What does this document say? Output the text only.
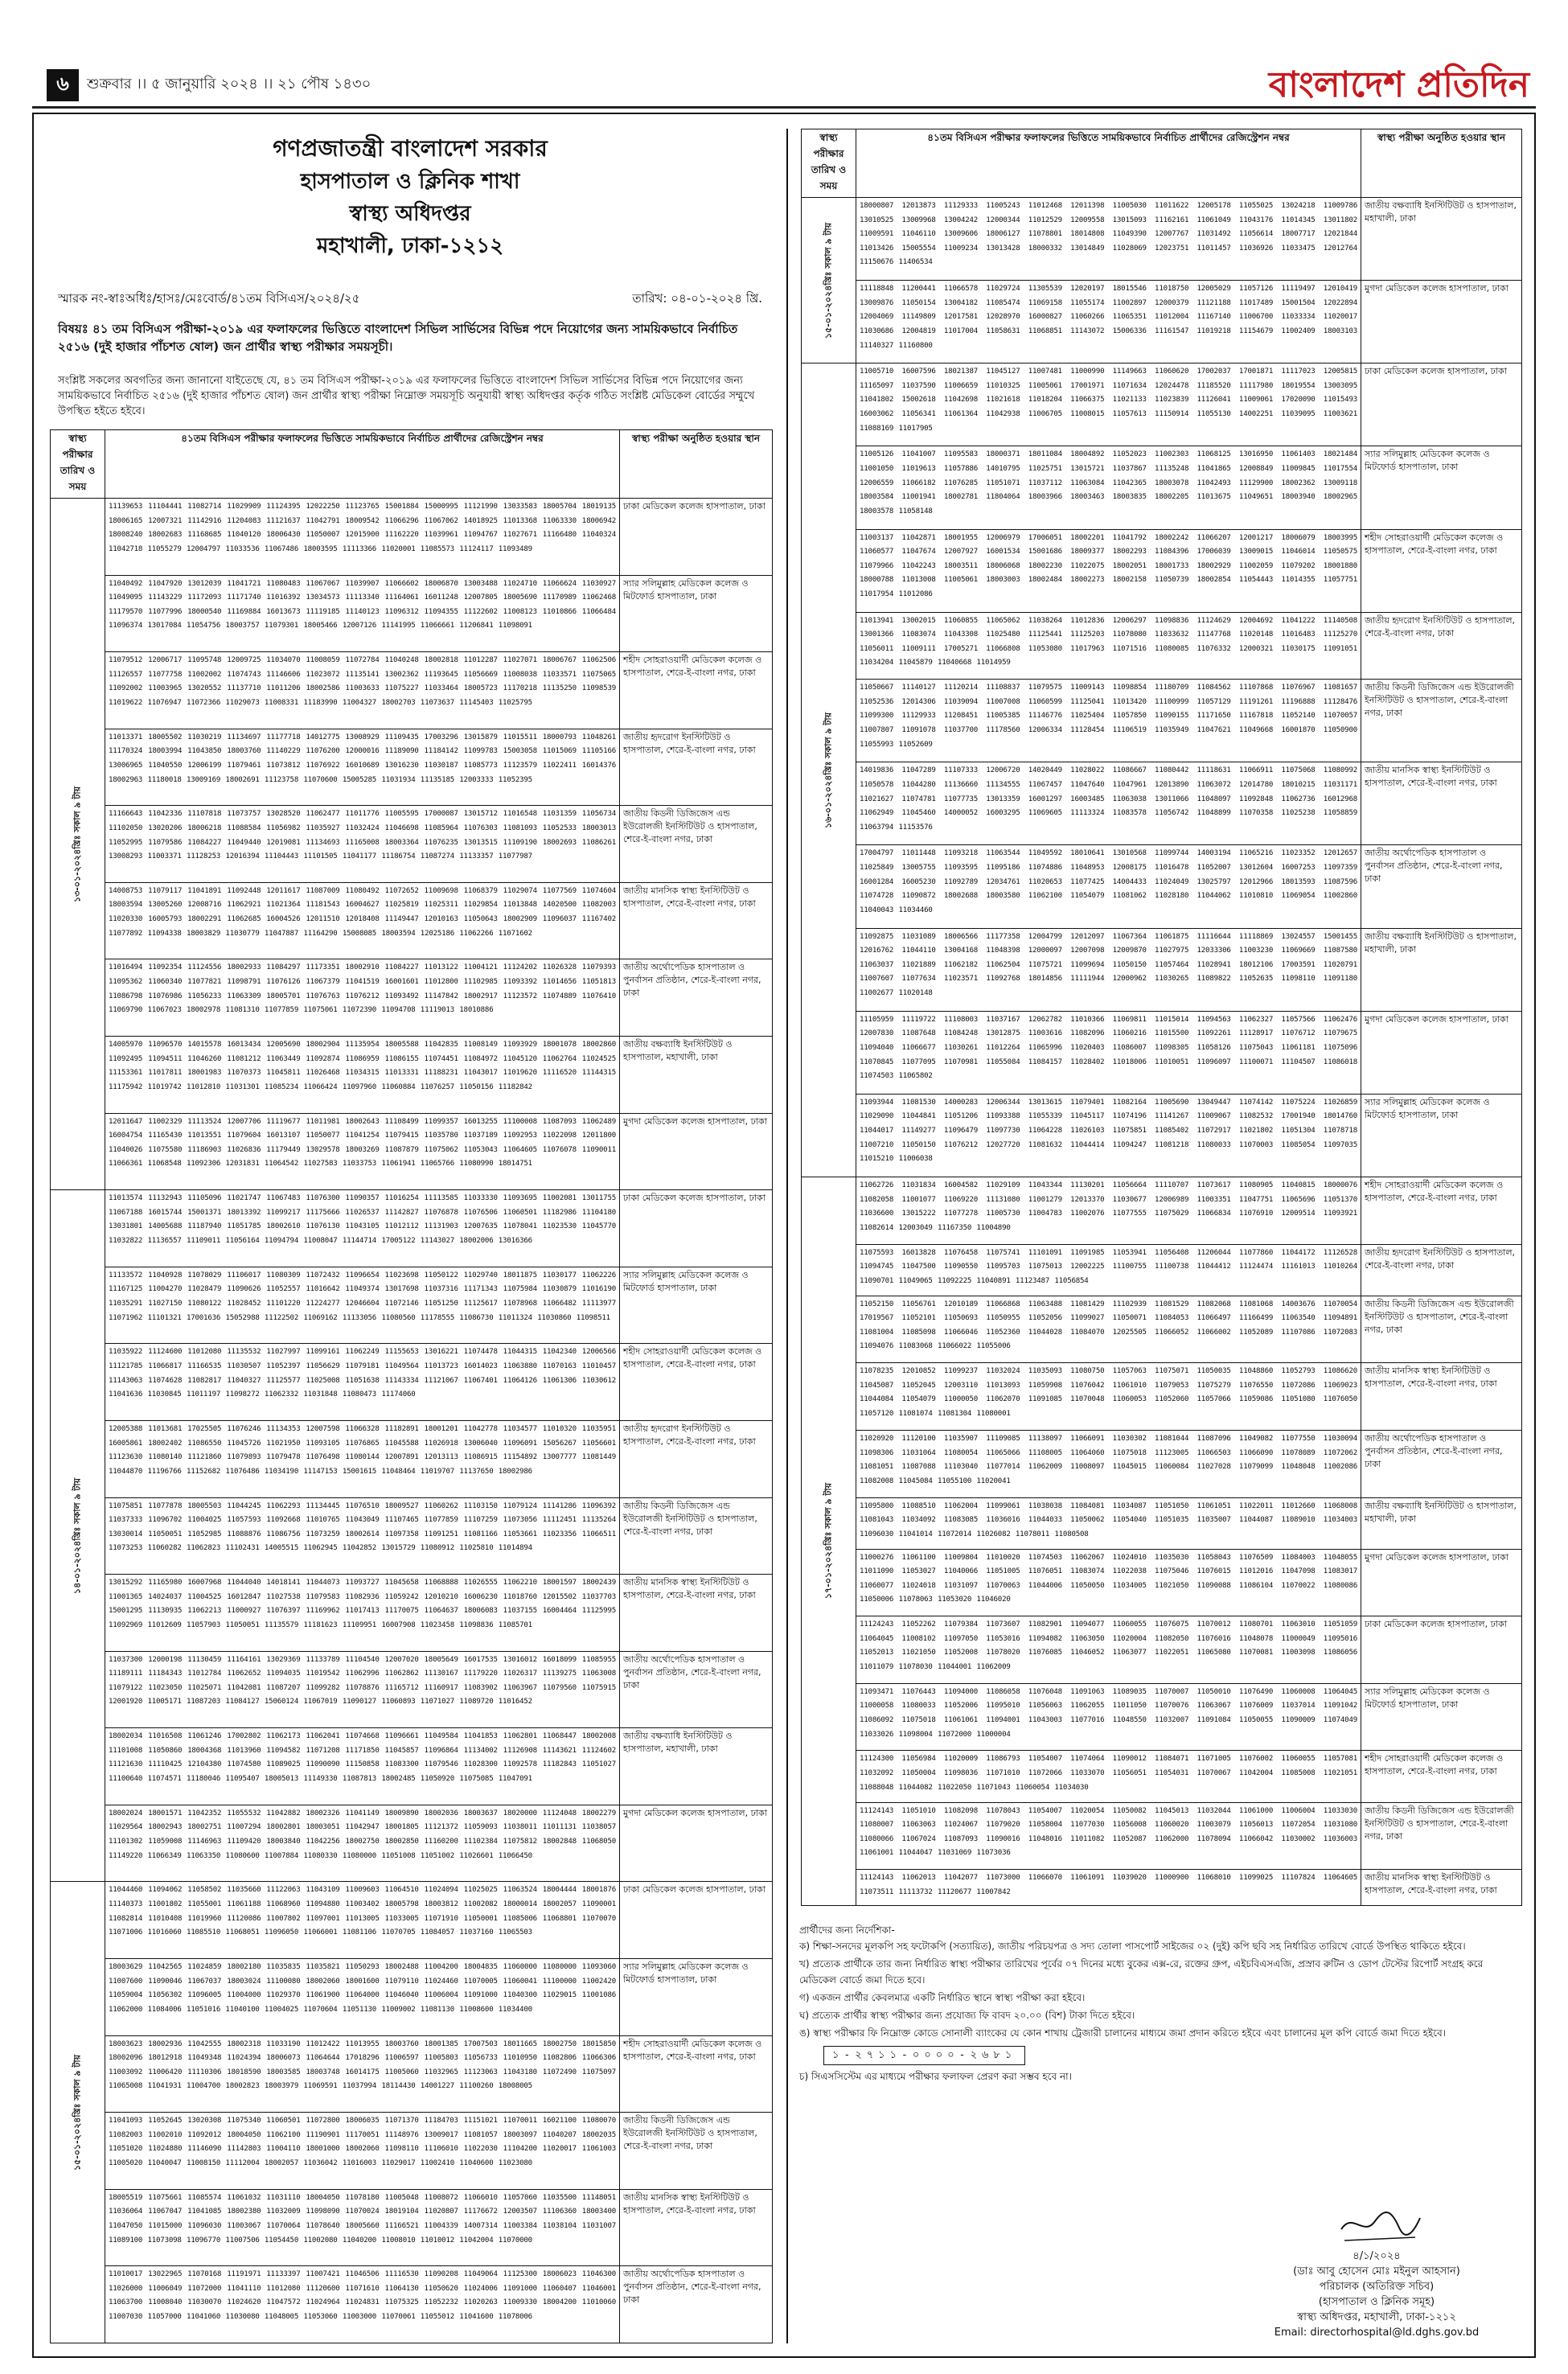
৬	শুক্রবার ।। ৫ জানুয়ারি ২০২৪ ।। ২১ পৌষ ১৪৩০	বাংলাদেশ প্রতিদিন
গণপ্রজাতন্ত্রী বাংলাদেশ সরকার
হাসপাতাল ও ক্লিনিক শাখা
স্বাস্থ্য অধিদপ্তর
মহাখালী, ঢাকা-১২১২
স্মারক নং-স্বাঃঅধিঃ/হাসঃ/মেঃবোর্ড/৪১তম বিসিএস/২০২৪/২৫	তারিখ: ০৪-০১-২০২৪ খ্রি.
বিষয়ঃ ৪১ তম বিসিএস পরীক্ষা-২০১৯ এর ফলাফলের ভিত্তিতে বাংলাদেশ সিভিল সার্ভিসের বিভিন্ন পদে নিয়োগের জন্য সাময়িকভাবে নির্বাচিত ২৫১৬ (দুই হাজার পাঁচশত ষোল) জন প্রার্থীর স্বাস্থ্য পরীক্ষার সময়সূচী।
সংশ্লিষ্ট সকলের অবগতির জন্য জানানো যাইতেছে যে, ৪১ তম বিসিএস পরীক্ষা-২০১৯ এর ফলাফলের ভিত্তিতে বাংলাদেশ সিভিল সার্ভিসের বিভিন্ন পদে নিয়োগের জন্য সাময়িকভাবে নির্বাচিত ২৫১৬ (দুই হাজার পাঁচশত ষোল) জন প্রার্থীর স্বাস্থ্য পরীক্ষা নিম্নোক্ত সময়সূচি অনুযায়ী স্বাস্থ্য অধিদপ্তর কর্তৃক গঠিত সংশ্লিষ্ট মেডিকেল বোর্ডের সম্মুখে উপস্থিত হইতে হইবে।
স্বাস্থ্য পরীক্ষার তারিখ ও সময়	৪১তম বিসিএস পরীক্ষার ফলাফলের ভিত্তিতে সাময়িকভাবে নির্বাচিত প্রার্থীদের রেজিস্ট্রেশন নম্বর	স্বাস্থ্য পরীক্ষা অনুষ্ঠিত হওয়ার স্থান

১৩-০১-২০২৪খ্রিঃ সকাল ৯ টায়	11139653 11104441 11082714 11029909 11124395 12022250 11123765 15001884 15000995 11121990 13033583 18005704 18019135 18006165 12007321 11142916 11204083 11121637 11042791 18009542 11066296 11067062 14018925 11013368 11063330 18006942 18008240 18002683 11168685 11040120 18006430 11050007 12015900 11162220 11039961 11094767 11027671 11166480 11040324 11042718 11055279 12004797 11033536 11067486 18003595 11113366 11020001 11085573 11124117 11093489	ঢাকা মেডিকেল কলেজ হাসপাতাল, ঢাকা
	11040492 11047920 13012039 11041721 11080483 11067067 11039907 11066602 18006870 13003488 11024710 11066624 11030927 11049095 11143229 11172093 11171740 11016392 13034573 11113340 11164061 16011248 12007805 18005690 11170989 11062468 11179570 11077996 18000540 11169884 16013673 11119185 11140123 11096312 11094355 11122602 11008123 11010866 11066484 11096374 13017084 11054756 18003757 11079301 18005466 12007126 11141995 11066661 11206841 11098091	স্যার সলিমুল্লাহ মেডিকেল কলেজ ও মিটফোর্ড হাসপাতাল, ঢাকা
	11079512 12006717 11095748 12009725 11034070 11008059 11072784 11040248 18002818 11012287 11027071 18006767 11062506 11126557 11077758 11002002 11074743 11146606 11023072 11135141 13002362 11193645 11056669 11008038 11033571 11075065 11092002 11003965 13020552 11137710 11011206 18002586 11003633 11075227 11033464 18005723 11170218 11135250 11098539 11019622 11076947 11072366 11029073 11008331 11183990 11004327 18002703 11073637 11145403 11025795	শহীদ সোহরাওয়ার্দী মেডিকেল কলেজ ও হাসপাতাল, শেরে-ই-বাংলা নগর, ঢাকা
	11013371 18005502 11030219 11134697 11177718 14012775 13008929 11109435 17003296 13015879 11015511 18000793 11048261 11170324 18003994 11043850 18003760 11140229 11076200 12000016 11189090 11184142 11099783 15003058 11015069 11105166 13006965 11040550 12006199 11079461 11073812 11076922 16010689 13016230 11030187 11085773 11123579 11022411 16014376 18002963 11180018 13009169 18002691 11123758 11070600 15005285 11031934 11135185 12003333 11052395	জাতীয় হৃদরোগ ইনস্টিটিউট ও হাসপাতাল, শেরে-ই-বাংলা নগর, ঢাকা
	11166643 11042336 11107818 11073757 13028520 11062477 11011776 11005595 17000087 13015712 11016548 11031359 11056734 11102050 13020206 18006218 11088584 11056982 11035927 11032424 11046698 11085964 11076303 11081093 11052533 18003013 11052995 11079586 11084227 11049440 12019081 11134693 11165008 18003364 11076235 13013515 11109190 18002693 11086261 13008293 11003371 11128253 12016394 11104443 11101505 11041177 11186754 11087274 11133357 11077987	জাতীয় কিডনী ডিজিজেস এন্ড ইউরোলজী ইনস্টিটিউট ও হাসপাতাল, শেরে-ই-বাংলা নগর, ঢাকা
	14008753 11079117 11041891 11092448 12011617 11087009 11080492 11072652 11009698 11068379 11029074 11077569 11074604 18003594 13005260 12008716 11062921 11021364 11181543 16004627 11025819 11025311 11029854 11013848 14020500 11082003 11020330 16005793 18002291 11062685 16004526 12011510 12018408 11149447 12010163 11050643 18002909 11096037 11167402 11077892 11094338 18003829 11030779 11047887 11164290 15008085 18003594 12025186 11062266 11071602	জাতীয় মানসিক স্বাস্থ্য ইনস্টিটিউট ও হাসপাতাল, শেরে-ই-বাংলা নগর, ঢাকা
	11016494 11092354 11124556 18002933 11084297 11173351 18002910 11084227 11013122 11004121 11124202 11026328 11079393 11095362 11060340 11077821 11098791 11076126 11067379 11041519 16001601 11012800 11102985 11093392 11014656 11051813 11086798 11076986 11056233 11063309 18005701 11076763 11076212 11093492 11147842 18002917 11123572 11074889 11076410 11069790 11067023 18002978 11081310 11077859 11075061 11072390 11094708 11119013 18010886	জাতীয় অর্থোপেডিক হাসপাতাল ও পুনর্বাসন প্রতিষ্ঠান, শেরে-ই-বাংলা নগর, ঢাকা
	14005970 11096570 14015578 16013434 12005690 18002904 11135954 18005588 11042835 11008149 11093929 18001078 18002860 11092495 11094511 11046260 11081212 11063449 11092874 11086959 11086155 11074451 11084972 11045120 11062764 11024525 11153361 11017811 18001983 11070373 11045811 11026468 11034315 11013331 11188231 11043017 11019620 11116520 11144315 11175942 11019742 11012810 11031301 11085234 11066424 11097960 11060884 11076257 11050156 11182842	জাতীয় বক্ষব্যাধি ইনস্টিটিউট ও হাসপাতাল, মহাখালী, ঢাকা
	12011647 11002329 11113524 12007706 11119677 11011981 18002643 11108499 11099357 16013255 11100008 11087093 11062489 16004754 11165430 11013551 11079604 16013107 11050077 11041254 11079415 11035780 11037189 11092953 11022098 12011800 11040026 11075580 11186903 11026836 11179449 13029578 18003269 11087879 11075062 11053043 11064605 11076078 11090011 11066361 11068548 11092306 12031831 11064542 11027583 11033753 11061941 11065766 11080990 18014751	মুগদা মেডিকেল কলেজ হাসপাতাল, ঢাকা

১৪-০১-২০২৪খ্রিঃ সকাল ৯ টায়	11013574 11132943 11105096 11021747 11067483 11076300 11090357 11016254 11113585 11033330 11093695 11002081 13011755 11067188 16015744 15001371 18013392 11099217 11175666 11026537 11142827 11076878 11076506 11060501 11182986 11104180 13031801 14005688 11187940 11051785 18002610 11076130 11043105 11012112 11131903 12007635 11078041 11023530 11045770 11032822 11136557 11109011 11056164 11094794 11008047 11144714 17005122 11143027 18002006 13016366	ঢাকা মেডিকেল কলেজ হাসপাতাল, ঢাকা
	11133572 11040928 11078029 11106017 11080309 11072432 11096654 11023698 11050122 11029740 18011875 11030177 11062226 11167125 11004270 11028479 11090626 11052557 11016642 11049374 13017698 11037316 11171343 11075984 11030879 11016190 11035291 11027150 11080122 11028452 11101220 11224277 12046604 11072146 11051250 11125617 11078968 11066482 11113977 11071962 11101321 17001636 15052988 11122502 11069162 11133056 11080560 11178555 11086730 11011324 11030860 11098511	স্যার সলিমুল্লাহ মেডিকেল কলেজ ও মিটফোর্ড হাসপাতাল, ঢাকা
	11035922 11124600 11012080 11135532 11027997 11099161 11062249 11155653 13016221 11074478 11044315 11042340 12006566 11121785 11066817 11166535 11030507 11052397 11056629 11079181 11049564 11013723 16014023 11063880 11070163 11010457 11143063 11074628 11082817 11040327 11125577 11025008 11051638 11143334 11121067 11067401 11064126 11061306 11030612 11041636 11030845 11011197 11098272 11062332 11031848 11080473 11174060	শহীদ সোহরাওয়ার্দী মেডিকেল কলেজ ও হাসপাতাল, শেরে-ই-বাংলা নগর, ঢাকা
	12005388 11013681 17025505 11076246 11134353 12007598 11066328 11182891 18001201 11042778 11034577 11010320 11035951 16005861 18002402 11086550 11045726 11021950 11093105 11076865 11045588 11026918 13006040 11096091 15056267 11056601 11123630 11080140 11121860 11079893 11079478 11076498 11080144 12007891 12013113 11086915 11154892 13007777 11081449 11044870 11196766 11152682 11076486 11034190 11147153 15001615 11048464 11019707 11137650 18002986	জাতীয় হৃদরোগ ইনস্টিটিউট ও হাসপাতাল, শেরে-ই-বাংলা নগর, ঢাকা
	11075851 11077878 18005503 11044245 11062293 11134445 11076510 18009527 11060262 11103150 11079124 11141286 11096392 11037333 11096702 11004025 11057593 11092668 11010765 11043049 11107465 11077859 11107259 11073056 11112451 11135264 13030014 11050051 11052985 11088876 11086756 11073259 18002614 11097358 11091251 11081166 11053661 11023356 11066511 11073253 11060282 11062823 11102431 14005515 11062945 11042852 13015729 11080912 11025810 11014894	জাতীয় কিডনী ডিজিজেস এন্ড ইউরোলজী ইনস্টিটিউট ও হাসপাতাল, শেরে-ই-বাংলা নগর, ঢাকা
	13015292 11165980 16007968 11044040 14018141 11044073 11093727 11045658 11068888 11026555 11062210 18001597 18002439 11001365 14024037 11004525 16012847 11027538 11079583 11082936 11059242 12010210 16006230 11018760 12015502 11037703 15001295 11130935 11062213 11000927 11076397 11169962 11017413 11170075 11064637 18006083 11037155 16004464 11125995 11092969 11012609 11057903 11050051 11135579 11181623 11109951 16007908 11023458 11098836 11085701	জাতীয় মানসিক স্বাস্থ্য ইনস্টিটিউট ও হাসপাতাল, শেরে-ই-বাংলা নগর, ঢাকা
	11037300 12000198 11130459 11164161 13029369 11133789 11104540 12007020 18005649 16017535 13016012 16018099 11085955 11189111 11184343 11012784 11062652 11094035 11019542 11062996 11062862 11130167 11179220 11026317 11139275 11063008 11079122 11023050 11025071 11042081 11087207 11099282 11078876 11165712 11160917 11083902 11063967 11079560 11075915 12001920 11005171 11087203 11084127 15060124 11067019 11090127 11060893 11071027 11089720 11016452	জাতীয় অর্থোপেডিক হাসপাতাল ও পুনর্বাসন প্রতিষ্ঠান, শেরে-ই-বাংলা নগর, ঢাকা
	18002034 11016508 11061246 17002802 11062173 11062041 11074668 11096661 11049584 11041853 11062801 11068447 18002008 11101008 11050860 18004368 11013960 11094582 11071208 11171850 11045857 11096864 11134002 11126908 11143621 11124602 11121630 11110425 12104380 11074580 11089025 11090090 11150858 11083300 11079546 11028300 11092578 11182843 11051027 11100640 11074571 11180046 11095407 18005013 11149330 11087813 18002485 11050920 11075085 11047091	জাতীয় বক্ষব্যাধি ইনস্টিটিউট ও হাসপাতাল, মহাখালী, ঢাকা
	18002024 18001571 11042352 11055532 11042882 18002326 11041149 18009890 18002036 18003637 18020000 11124048 18002279 11029564 18002943 18002751 11007294 18002801 18003051 11042947 18001805 11121372 11059093 11038011 11011131 11038057 11101302 11059008 11146963 11109420 18003840 11042256 18002750 18002850 11160200 11102384 11075812 18002848 11068050 11149220 11066349 11063350 11080600 11007884 11080330 11080000 11051008 11051002 11026601 11066450	মুগদা মেডিকেল কলেজ হাসপাতাল, ঢাকা

১৫-০১-২০২৪খ্রিঃ সকাল ৯ টায়	11044460 11094062 11058502 11035660 11122063 11043109 11009603 11064510 11024094 11025025 11063524 18004444 18001876 11140373 11001802 11055001 11061188 11068960 11094880 11003402 18005798 18003812 11002082 18000014 18002057 11090001 11082814 11010408 11019960 11120086 11007802 11097001 11013005 11033005 11071910 11050001 11085006 11068801 11070070 11071006 11016060 11085510 11068051 11096050 11066001 11081106 11070705 11084057 11037160 11065503	ঢাকা মেডিকেল কলেজ হাসপাতাল, ঢাকা
	18003629 11042565 11024859 18002180 11035835 11035821 11050293 18002488 11004200 18004835 11060000 11080000 11093060 11007600 11090046 11067037 18003024 11100080 18002060 18001600 11079110 11024460 11070005 11060041 11100000 11002420 11059004 11056302 11096005 11004000 11029370 11061900 11064000 11046040 11006004 11091000 11040300 11029015 11001086 11062000 11084006 11051016 11040100 11004025 11070604 11051130 11009002 11081130 11008600 11034400	স্যার সলিমুল্লাহ মেডিকেল কলেজ ও মিটফোর্ড হাসপাতাল, ঢাকা
	18003623 18002936 11042555 18002318 11033190 11012422 11013955 18003760 18001385 17007503 18011665 18002750 18015850 18002096 18012918 11049348 11024394 18006073 11064644 17018296 11006597 11005803 11056733 11010950 11082806 11066306 11003092 11006420 11110306 18018590 18003585 18003748 16014175 11005060 11032965 11123063 11043180 11072490 11075097 11065008 11041931 11004700 18002823 18003979 11069591 11037994 18114430 14001227 11100260 18008005	শহীদ সোহরাওয়ার্দী মেডিকেল কলেজ ও হাসপাতাল, শেরে-ই-বাংলা নগর, ঢাকা
	11041093 11052645 13020308 11075340 11060501 11072800 18006035 11071370 11184703 11151021 11070011 16021100 11080070 11082003 11002010 11092012 18004050 11062100 11190901 11170051 11148976 13009017 11081057 18003097 11040207 18002035 11051020 11024880 11146090 11142803 11004110 18001000 18002060 11098110 11106010 11022030 11104200 11020017 11061003 11005020 11040047 11008150 11112004 18002057 11036042 11016003 11029017 11002410 11040600 11023080	জাতীয় কিডনী ডিজিজেস এন্ড ইউরোলজী ইনস্টিটিউট ও হাসপাতাল, শেরে-ই-বাংলা নগর, ঢাকা
	18005519 11075661 11085574 11061032 11031110 18004050 11078180 11005048 11008072 11066010 11057060 11035500 11148051 11036064 11067047 11041085 18002380 11032009 11098090 11070024 18019104 11020807 11176672 12003507 11106360 18003400 11047050 11015000 11096030 11003067 11070064 11078640 18005660 11166521 11004339 14007314 11003384 11038104 11031007 11089100 11073098 11096770 11007506 11054450 11002080 11040200 11008010 11010012 11042004 11070000	জাতীয় মানসিক স্বাস্থ্য ইনস্টিটিউট ও হাসপাতাল, শেরে-ই-বাংলা নগর, ঢাকা
	11010017 13022965 11070168 11191971 11133397 11007421 11046506 11116530 11090208 11049064 11125300 18006023 11046300 11026000 11006049 11072000 11041110 11012080 11120600 11071610 11064130 11050620 11024006 11091000 11060407 11046001 11063700 11008040 11030070 11024620 11047572 11024964 11024831 11075325 11052232 11020263 11009330 18004200 11010060 11007030 11057000 11041060 11030080 11048005 11053060 11003000 11070061 11055012 11041600 11078006	জাতীয় অর্থোপেডিক হাসপাতাল ও পুনর্বাসন প্রতিষ্ঠান, শেরে-ই-বাংলা নগর, ঢাকা
স্বাস্থ্য পরীক্ষার তারিখ ও সময়	৪১তম বিসিএস পরীক্ষার ফলাফলের ভিত্তিতে সাময়িকভাবে নির্বাচিত প্রার্থীদের রেজিস্ট্রেশন নম্বর	স্বাস্থ্য পরীক্ষা অনুষ্ঠিত হওয়ার স্থান

১৫-০১-২০২৪খ্রিঃ সকাল ৯ টায়	18000807 12013873 11129333 11005243 11012468 12011398 11005030 11011622 12005178 11055025 13024218 11009786 13010525 13009968 13004242 12000344 11012529 12009558 13015093 11162161 11061049 11043176 11014345 13011802 11009591 11046110 13009606 18006127 11078801 18014808 11049390 12007767 11031492 11056614 18007717 12021844 11013426 15005554 11009234 13013428 18000332 13014849 11028069 12023751 11011457 11036926 11033475 12012764 11150676 11406534	জাতীয় বক্ষব্যাধি ইনস্টিটিউট ও হাসপাতাল, মহাখালী, ঢাকা
	11118848 11200441 11066578 11029724 11305539 12020197 18015546 11018750 12005029 11057126 11119497 12010419 13009876 11050154 13004182 11085474 11069158 11055174 11002897 12000379 11121188 11017489 15001504 12022894 12004069 11149809 12017581 12028970 16000827 11060266 11065351 11012004 11167140 11006700 11033334 11020017 11030686 12004819 11017004 11058631 11068851 11143072 15006336 11161547 11019218 11154679 11002409 18003103 11140327 11160800	মুগদা মেডিকেল কলেজ হাসপাতাল, ঢাকা

১৬-০১-২০২৪খ্রিঃ সকাল ৯ টায়	11005710 16007596 18021387 11045127 11007481 11000990 11149663 11060620 17002037 17001871 11117023 12005815 11165097 11037590 11006659 11010325 11005061 17001971 11071634 12024478 11185520 11117980 18019554 13003095 11041802 15002618 11042698 11021618 11018204 11066375 11021133 11023839 11126041 11009061 17020090 11015493 16003062 11056341 11061364 11042938 11006705 11008015 11057613 11150914 11055130 14002251 11039095 11003621 11088169 11017905	ঢাকা মেডিকেল কলেজ হাসপাতাল, ঢাকা
	11005126 11041007 11095583 18000371 18011084 18004892 11052023 11002303 11068125 13016950 11061403 18021484 11001050 11019613 11057886 14010795 11025751 13015721 11037867 11135248 11041865 12008849 11009845 11017554 12006559 11066182 11076285 11051071 11037112 11063084 11042365 18003078 11042493 11129900 18002362 13009118 18003584 11001941 18002781 11804064 18003966 18003463 18003835 18002205 11013675 11049651 18003940 18002965 18003578 11058148	স্যার সলিমুল্লাহ মেডিকেল কলেজ ও মিটফোর্ড হাসপাতাল, ঢাকা
	11003137 11042871 18001955 12006979 17006051 18002201 11041792 18002242 11066207 12001217 18006079 18003995 11060577 11047674 12007927 16001534 15001686 18009377 18002293 11084396 17006039 13009015 11046014 11050575 11079966 11042243 18003511 18006068 18002230 11022075 18002051 18001733 18002929 11002059 11079202 18001880 18000788 11013008 11005061 18003003 18002484 18002273 18002158 11050739 18002854 11054443 11014355 11057751 11017954 11012086	শহীদ সোহরাওয়ার্দী মেডিকেল কলেজ ও হাসপাতাল, শেরে-ই-বাংলা নগর, ঢাকা
	11013941 13002015 11060855 11065062 11038264 11012836 12006297 11098836 11124629 12004692 11041222 11140508 13001366 11083074 11043308 11025480 11125441 11125203 11078080 11033632 11147768 11020148 11016483 11125270 11056011 11009111 17005271 11066808 11053080 11017963 11071516 11080085 11076332 12000321 11030175 11091051 11034204 11045879 11040668 11014959	জাতীয় হৃদরোগ ইনস্টিটিউট ও হাসপাতাল, শেরে-ই-বাংলা নগর, ঢাকা
	11050667 11140127 11120214 11108837 11079575 11009143 11098854 11180709 11084562 11107868 11076967 11081657 11052536 12014306 11039094 11007008 11060599 11125041 11013420 11100999 11057129 11191261 11196888 11128476 11099300 11129933 11208451 11005385 11146776 11025404 11057850 11090155 11171650 11167818 11052140 11070057 11007807 11091078 11037700 11178560 12006334 11128454 11106519 11035949 11047621 11049668 16001870 11050900 11055993 11052609	জাতীয় কিডনী ডিজিজেস এন্ড ইউরোলজী ইনস্টিটিউট ও হাসপাতাল, শেরে-ই-বাংলা নগর, ঢাকা
	14019836 11047289 11107333 12006720 14020449 11028022 11086667 11080442 11118631 11066911 11075068 11080992 11050578 11044280 11136660 11134555 11067457 11047640 11047961 12013890 11063072 12014780 18010215 11031171 11021627 11074781 11077735 13013359 16001297 16003485 11063038 13011066 11048097 11092848 11062736 16012968 11062949 11045460 14000052 16003295 11069605 11113324 11083578 11056742 11048899 11070358 11025238 11058859 11063794 11153576	জাতীয় মানসিক স্বাস্থ্য ইনস্টিটিউট ও হাসপাতাল, শেরে-ই-বাংলা নগর, ঢাকা
	17004797 11011448 11093218 11063544 11049592 18010641 13010568 11099744 14003194 11065216 11023352 12012657 11025849 13005755 11093595 11095186 11074886 11048953 12008175 11016478 11052007 13012604 16007253 11097359 16001284 16005230 11092789 12034761 11020653 11077425 14004433 11024049 13025797 12012966 18013593 11087596 11074728 11090872 18002688 18003580 11062100 11054079 11081062 11028180 11044062 11010810 11069054 11002860 11040043 11034460	জাতীয় অর্থোপেডিক হাসপাতাল ও পুনর্বাসন প্রতিষ্ঠান, শেরে-ই-বাংলা নগর, ঢাকা
	11092875 11031089 18006566 11177358 12004799 12012097 11067364 11061875 11116644 11118869 13024557 15001455 12016762 11044110 13004168 11048398 12000097 12007098 12009870 11027975 12033306 11003230 11069669 11087580 11063037 11021889 11062182 11062504 11075721 11099694 11050150 11057464 11028941 18012106 17003591 11020791 11007607 11077634 11023571 11092768 18014856 11111944 12000962 11030265 11089822 11052635 11098110 11091180 11002677 11020148	জাতীয় বক্ষব্যাধি ইনস্টিটিউট ও হাসপাতাল, মহাখালী, ঢাকা
	11105959 11119722 11108003 11037167 12062782 11010366 11069811 11015014 11094563 11062327 11057566 11062476 12007830 11087648 11084248 13012875 11003616 11082096 11060216 11015500 11092261 11128917 11076712 11079675 11094040 11066677 11030261 11012264 11065996 11020403 11086007 11098305 11058126 11075043 11061181 11075096 11070845 11077095 11070981 11055084 11084157 11028402 11018006 11010051 11096097 11100071 11104507 11086018 11074503 11065802	মুগদা মেডিকেল কলেজ হাসপাতাল, ঢাকা
	11093944 11081530 14000283 12006344 13013615 11079401 11082164 11005690 13049447 11074142 11075224 11026859 11029090 11044841 11051206 11093388 11055339 11045117 11074196 11141267 11009067 11082532 17001940 18014760 11044017 11149277 11096479 11097730 11064228 11026103 11075851 11085402 11072917 11021802 11051304 11078718 11007210 11050150 11076212 12027720 11081632 11044414 11094247 11081218 11080033 11070003 11085054 11097035 11015210 11006038	স্যার সলিমুল্লাহ মেডিকেল কলেজ ও মিটফোর্ড হাসপাতাল, ঢাকা

১৭-০১-২০২৪খ্রিঃ সকাল ৯ টায়	11062726 11031834 16004582 11029109 11043344 11130201 11056664 11110707 11073617 11080905 11040815 18000076 11082058 11001077 11069220 11131080 11001279 12013370 11030677 12006989 11003351 11047751 11065696 11051370 11036600 13015222 11077278 11005730 11004783 11002076 11077555 11075029 11066834 11076910 12009514 11093921 11082614 12003049 11167350 11004890	শহীদ সোহরাওয়ার্দী মেডিকেল কলেজ ও হাসপাতাল, শেরে-ই-বাংলা নগর, ঢাকা
	11075593 16013828 11076458 11075741 11101091 11091985 11053941 11056408 11206044 11077860 11044172 11126528 11094745 11047500 11090550 11095703 11075013 12002225 11100755 11100738 11044412 11124474 11161013 11010264 11090701 11049065 11092225 11040891 11123487 11056854	জাতীয় হৃদরোগ ইনস্টিটিউট ও হাসপাতাল, শেরে-ই-বাংলা নগর, ঢাকা
	11052150 11056761 12010189 11066868 11063488 11081429 11102939 11081529 11082068 11081068 14003676 11070054 17019567 11052101 11050693 11050955 11052056 11099027 11050071 11084053 11066497 11166499 11063540 11094891 11081004 11085098 11066046 11052360 11044028 11084070 12025505 11066052 11066002 11052089 11107086 11072083 11094076 11083068 11066022 11055006	জাতীয় কিডনী ডিজিজেস এন্ড ইউরোলজী ইনস্টিটিউট ও হাসপাতাল, শেরে-ই-বাংলা নগর, ঢাকা
	11078235 12010852 11099237 11032024 11035093 11080750 11057063 11075071 11050035 11048860 11052793 11086620 11045087 11052045 12003110 11013093 11059908 11076042 11061010 11079053 11075279 11076550 11072086 11069023 11044084 11054079 11000050 11062070 11091085 11070048 11060053 11052060 11057066 11059086 11051080 11076050 11057120 11081074 11081304 11080001	জাতীয় মানসিক স্বাস্থ্য ইনস্টিটিউট ও হাসপাতাল, শেরে-ই-বাংলা নগর, ঢাকা
	11020920 11120100 11035907 11109085 11138097 11066091 11030302 11081044 11087096 11049082 11077550 11030094 11098306 11031064 11080054 11065066 11108005 11064060 11075018 11123005 11066503 11066090 11078089 11072062 11081051 11087088 11103040 11077014 11062009 11008097 11045015 11060084 11027028 11079099 11048048 11002086 11082008 11045084 11055100 11020041	জাতীয় অর্থোপেডিক হাসপাতাল ও পুনর্বাসন প্রতিষ্ঠান, শেরে-ই-বাংলা নগর, ঢাকা
	11095800 11088510 11062004 11099061 11038038 11084081 11034087 11051050 11061051 11022011 11012660 11068008 11081043 11034092 11083085 11036016 11044033 11050062 11054040 11051035 11035007 11044087 11089010 11034003 11096030 11041014 11072014 11026082 11078011 11080508	জাতীয় বক্ষব্যাধি ইনস্টিটিউট ও হাসপাতাল, মহাখালী, ঢাকা
	11000276 11061100 11009804 11010020 11074503 11062067 11024010 11035030 11058043 11076509 11084003 11048055 11011090 11053027 11040066 11051005 11076051 11083074 11022038 11075046 11076015 11012016 11047098 11083017 11060077 11024018 11031097 11070063 11044006 11050050 11034005 11021050 11090088 11086104 11070022 11080086 11050006 11078063 11053020 11046020	মুগদা মেডিকেল কলেজ হাসপাতাল, ঢাকা
	11124243 11052262 11079384 11073607 11082901 11094077 11060055 11076075 11070012 11080701 11063010 11051059 11064045 11008102 11097050 11053016 11094082 11063050 11020004 11082050 11076016 11048078 11000049 11095016 11052013 11021050 11052008 11078020 11076085 11046052 11063077 11022051 11065080 11070081 11003098 11086056 11011079 11078030 11044001 11062009	ঢাকা মেডিকেল কলেজ হাসপাতাল, ঢাকা
	11093471 11076443 11094000 11086058 11076048 11091063 11089035 11070007 11050010 11076490 11060008 11064045 11000058 11080033 11052006 11095010 11056063 11062055 11011050 11070076 11063067 11076009 11037014 11091042 11086092 11075018 11061061 11094001 11043003 11077016 11048550 11032007 11091084 11050055 11090009 11074049 11033026 11098004 11072000 11000004	স্যার সলিমুল্লাহ মেডিকেল কলেজ ও মিটফোর্ড হাসপাতাল, ঢাকা
	11124300 11056984 11020009 11086793 11054007 11074064 11090012 11084071 11071005 11076002 11060055 11057081 11032092 11050004 11098036 11071010 11072066 11033070 11056051 11054031 11070067 11042004 11085008 11021051 11088048 11044082 11022050 11071043 11060054 11034030	শহীদ সোহরাওয়ার্দী মেডিকেল কলেজ ও হাসপাতাল, শেরে-ই-বাংলা নগর, ঢাকা
	11124143 11051010 11082098 11078043 11054007 11020054 11050082 11045013 11032044 11061000 11006004 11033030 11080007 11063063 11024067 11079020 11058004 11077030 11056008 11060020 11003079 11056013 11072054 11031080 11080066 11067024 11087093 11090016 11048016 11011082 11052087 11062000 11078094 11066042 11030002 11036003 11061001 11044047 11031069 11073036	জাতীয় কিডনী ডিজিজেস এন্ড ইউরোলজী ইনস্টিটিউট ও হাসপাতাল, শেরে-ই-বাংলা নগর, ঢাকা
	11124143 11062013 11042077 11073000 11066070 11061091 11039020 11000900 11068010 11099025 11107824 11064605 11073511 11113732 11120677 11007842	জাতীয় মানসিক স্বাস্থ্য ইনস্টিটিউট ও হাসপাতাল, শেরে-ই-বাংলা নগর, ঢাকা
প্রার্থীদের জন্য নির্দেশিকা-
ক) শিক্ষা-সনদের মূলকপি সহ ফটোকপি (সত্যায়িত), জাতীয় পরিচয়পত্র ও সদ্য তোলা পাসপোর্ট সাইজের ০২ (দুই) কপি ছবি সহ নির্ধারিত তারিখে বোর্ডে উপস্থিত থাকিতে হইবে।
খ) প্রত্যেক প্রার্থীকে তার জন্য নির্ধারিত স্বাস্থ্য পরীক্ষার তারিখের পূর্বের ০৭ দিনের মধ্যে বুকের এক্স-রে, রক্তের গ্রুপ, এইচবিএসএজি, প্রস্রাব রুটিন ও ডোপ টেস্টের রিপোর্ট সংগ্রহ করে মেডিকেল বোর্ডে জমা দিতে হবে।
গ) একজন প্রার্থীর কেবলমাত্র একটি নির্ধারিত স্থানে স্বাস্থ্য পরীক্ষা করা হইবে।
ঘ) প্রত্যেক প্রার্থীর স্বাস্থ্য পরীক্ষার জন্য প্রযোজ্য ফি বাবদ ২০.০০ (বিশ) টাকা দিতে হইবে।
ঙ) স্বাস্থ্য পরীক্ষার ফি নিম্নোক্ত কোডে সোনালী ব্যাংকের যে কোন শাখায় ট্রেজারী চালানের মাধ্যমে জমা প্রদান করিতে হইবে এবং চালানের মূল কপি বোর্ডে জমা দিতে হইবে।
১-২৭১১-০০০০-২৬৮১
চ) সিএসসিস্টেম এর মাধ্যমে পরীক্ষার ফলাফল প্রেরণ করা সম্ভব হবে না।
৪/১/২০২৪
(ডাঃ আবু হোসেন মোঃ মইনুল আহসান)
পরিচালক (অতিরিক্ত সচিব)
(হাসপাতাল ও ক্লিনিক সমূহ)
স্বাস্থ্য অধিদপ্তর, মহাখালী, ঢাকা-১২১২
Email: directorhospital@ld.dghs.gov.bd
